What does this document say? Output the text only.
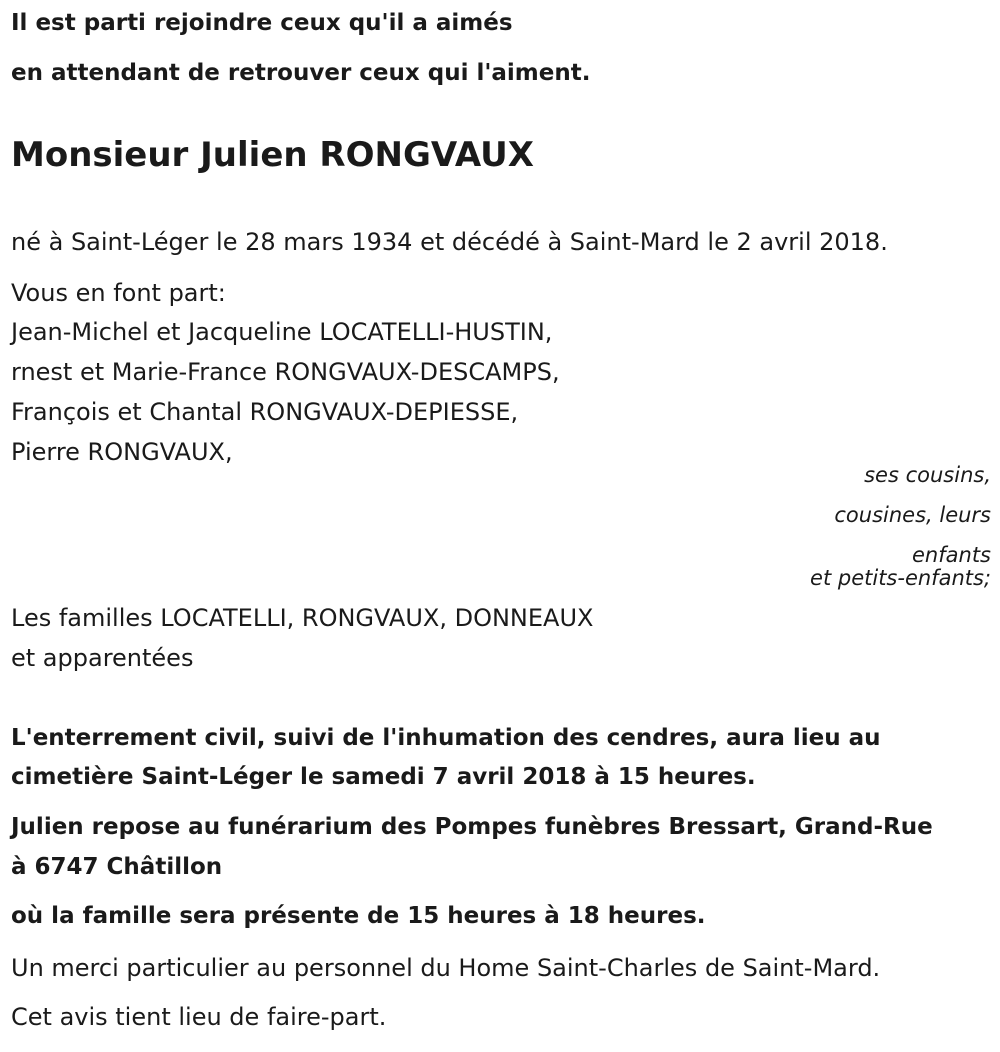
Il est parti rejoindre ceux qu'il a aimés

en attendant de retrouver ceux qui l'aiment.

Monsieur Julien RONGVAUX

né à Saint-Léger le 28 mars 1934 et décédé à Saint-Mard le 2 avril 2018.

Vous en font part:

Jean-Michel et Jacqueline LOCATELLI-HUSTIN,

rnest et Marie-France RONGVAUX-DESCAMPS,

François et Chantal RONGVAUX-DEPIESSE,

Pierre RONGVAUX,

ses cousins,

cousines, leurs

enfants

et petits-enfants;

Les familles LOCATELLI, RONGVAUX, DONNEAUX

et apparentées

L'enterrement civil, suivi de l'inhumation des cendres, aura lieu au

cimetière Saint-Léger le samedi 7 avril 2018 à 15 heures.

Julien repose au funérarium des Pompes funèbres Bressart, Grand-Rue

à 6747 Châtillon

où la famille sera présente de 15 heures à 18 heures.

Un merci particulier au personnel du Home Saint-Charles de Saint-Mard.

Cet avis tient lieu de faire-part.
